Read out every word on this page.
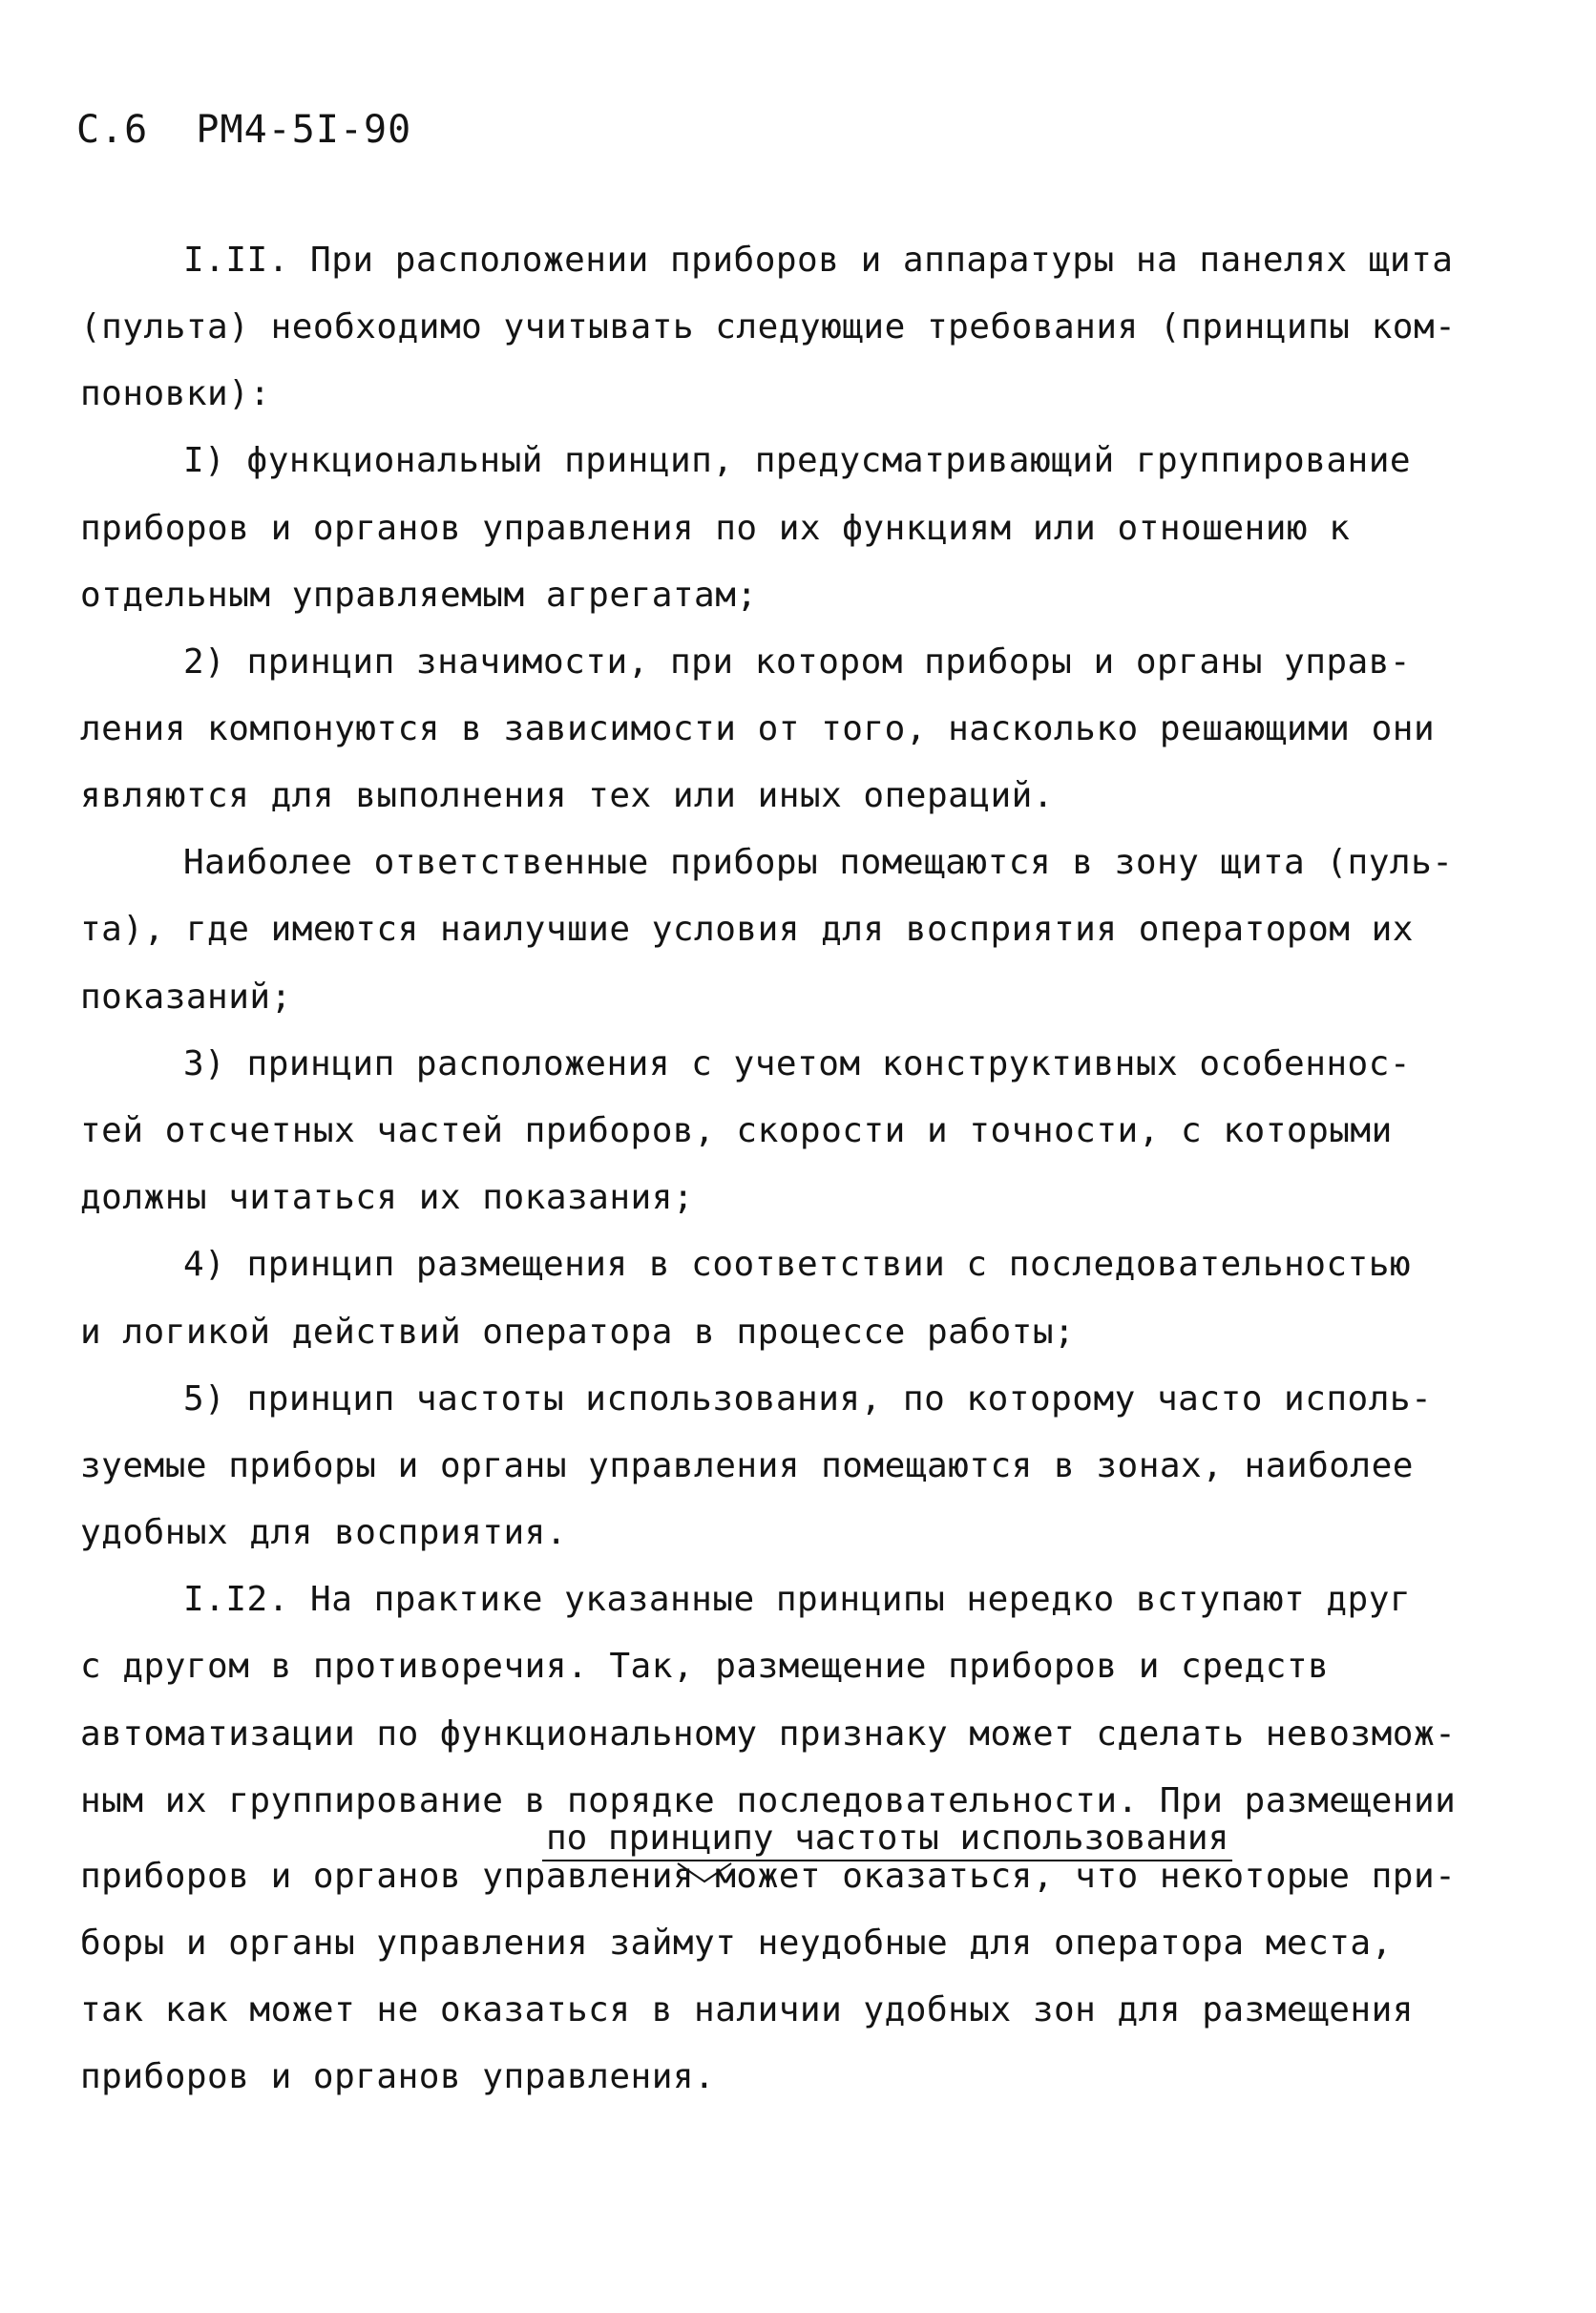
С.6  РМ4-5I-90
I.II. При расположении приборов и аппаратуры на панелях щита
(пульта) необходимо учитывать следующие требования (принципы ком-
поновки):
I) функциональный принцип, предусматривающий группирование
приборов и органов управления по их функциям или отношению к
отдельным управляемым агрегатам;
2) принцип значимости, при котором приборы и органы управ-
ления компонуются в зависимости от того, насколько решающими они
являются для выполнения тех или иных операций.
Наиболее ответственные приборы помещаются в зону щита (пуль-
та), где имеются наилучшие условия для восприятия оператором их
показаний;
3) принцип расположения с учетом конструктивных особеннос-
тей отсчетных частей приборов, скорости и точности, с которыми
должны читаться их показания;
4) принцип размещения в соответствии с последовательностью
и логикой действий оператора в процессе работы;
5) принцип частоты использования, по которому часто исполь-
зуемые приборы и органы управления помещаются в зонах, наиболее
удобных для восприятия.
I.I2. На практике указанные принципы нередко вступают друг
с другом в противоречия. Так, размещение приборов и средств
автоматизации по функциональному признаку может сделать невозмож-
ным их группирование в порядке последовательности. При размещении
по принципу частоты использования
приборов и органов управления может оказаться, что некоторые при-
боры и органы управления займут неудобные для оператора места,
так как может не оказаться в наличии удобных зон для размещения
приборов и органов управления.
